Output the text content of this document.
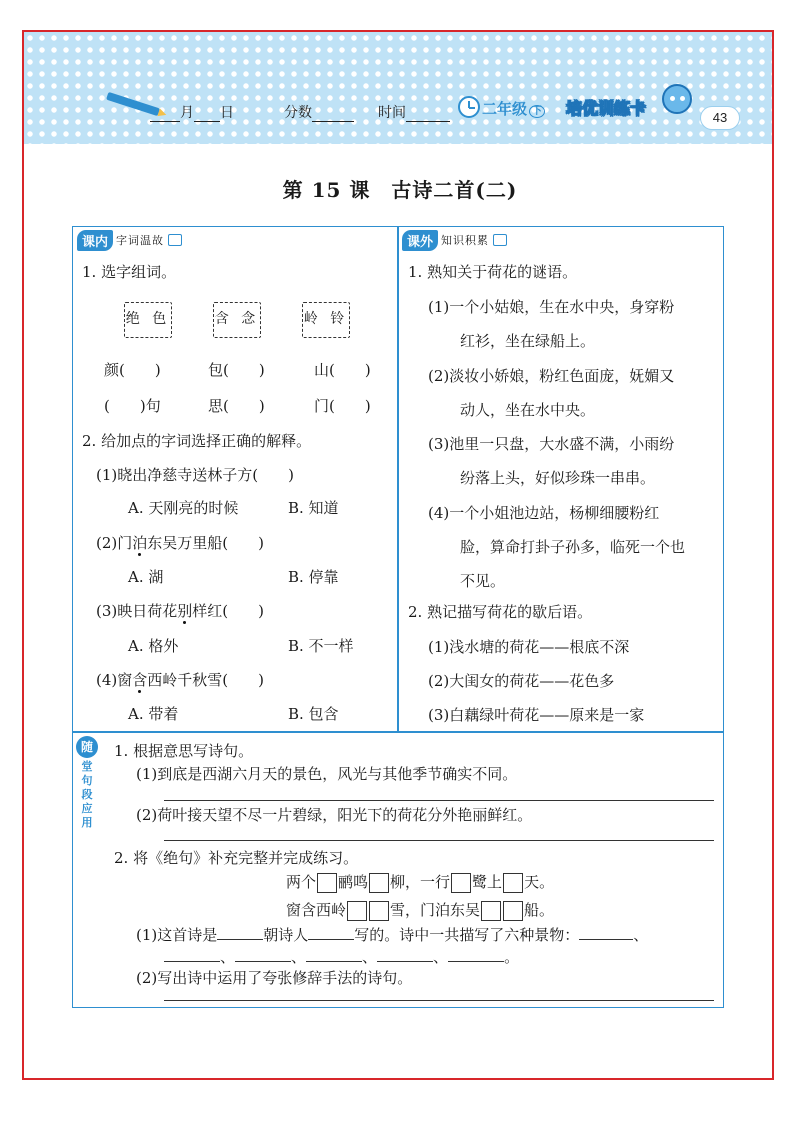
月 日	分数	时间	二年级 下	培优训练卡	43
第 15 课　古诗二首(二)
课内 字词温故
1. 选字组词。
绝 色	含 念	岭 铃
颜(　　)	包(　　)	山(　　)
(　　)句	思(　　)	门(　　)
2. 给加点的字词选择正确的解释。
(1)晓出净慈寺送林子方(　　)
A. 天刚亮的时候	B. 知道
(2)门泊东吴万里船(　　)
A. 湖	B. 停靠
(3)映日荷花别样红(　　)
A. 格外	B. 不一样
(4)窗含西岭千秋雪(　　)
A. 带着	B. 包含
课外 知识积累
1. 熟知关于荷花的谜语。
(1)一个小姑娘，生在水中央，身穿粉
红衫，坐在绿船上。
(2)淡妆小娇娘，粉红色面庞，妩媚又
动人，坐在水中央。
(3)池里一只盘，大水盛不满，小雨纷
纷落上头，好似珍珠一串串。
(4)一个小姐池边站，杨柳细腰粉红
脸，算命打卦子孙多，临死一个也
不见。
2. 熟记描写荷花的歇后语。
(1)浅水塘的荷花——根底不深
(2)大闺女的荷花——花色多
(3)白藕绿叶荷花——原来是一家
随
堂
句
段
应
用
1. 根据意思写诗句。
(1)到底是西湖六月天的景色，风光与其他季节确实不同。
(2)荷叶接天望不尽一片碧绿，阳光下的荷花分外艳丽鲜红。
2. 将《绝句》补充完整并完成练习。
两个 鹂鸣 柳，一行 鹭上 天。
窗含西岭	雪，门泊东吴	船。
(1)这首诗是	朝诗人	写的。诗中一共描写了六种景物：	、
、	、	、	、	。
(2)写出诗中运用了夸张修辞手法的诗句。
